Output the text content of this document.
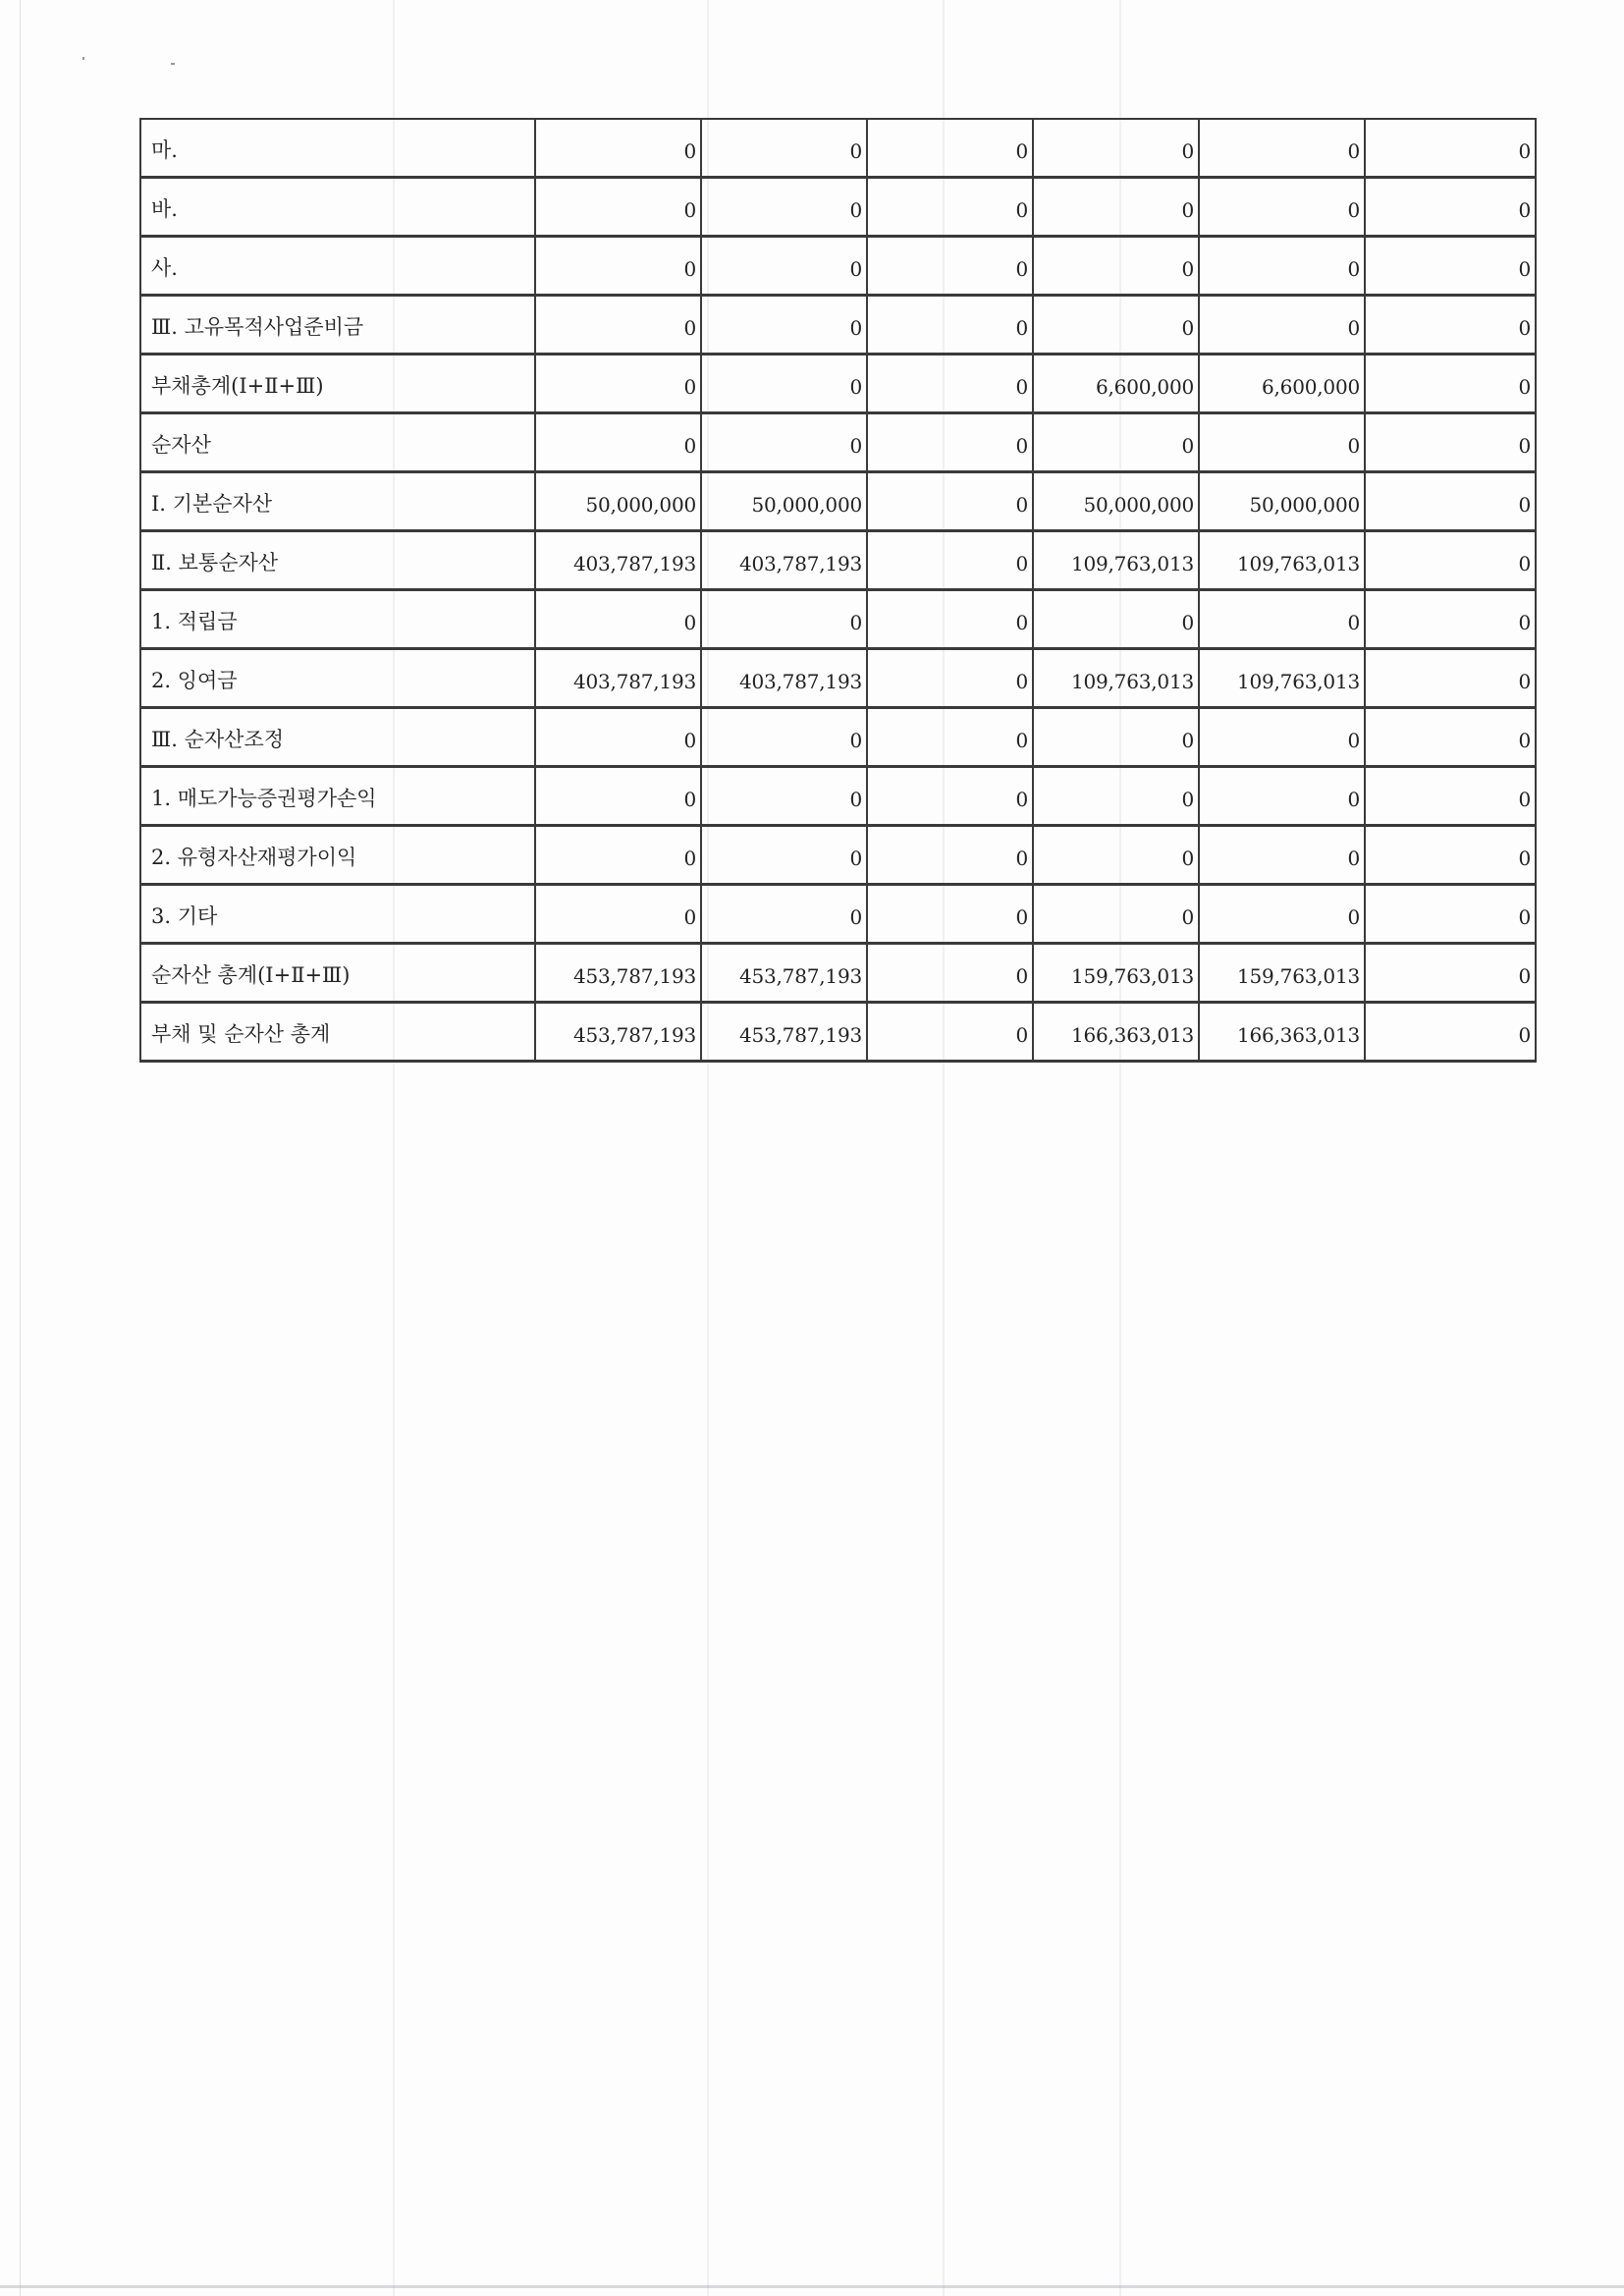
마.	0	0	0	0	0	0
바.	0	0	0	0	0	0
사.	0	0	0	0	0	0
Ⅲ. 고유목적사업준비금	0	0	0	0	0	0
부채총계(Ⅰ+Ⅱ+Ⅲ)	0	0	0	6,600,000	6,600,000	0
순자산	0	0	0	0	0	0
Ⅰ. 기본순자산	50,000,000	50,000,000	0	50,000,000	50,000,000	0
Ⅱ. 보통순자산	403,787,193	403,787,193	0	109,763,013	109,763,013	0
1. 적립금	0	0	0	0	0	0
2. 잉여금	403,787,193	403,787,193	0	109,763,013	109,763,013	0
Ⅲ. 순자산조정	0	0	0	0	0	0
1. 매도가능증권평가손익	0	0	0	0	0	0
2. 유형자산재평가이익	0	0	0	0	0	0
3. 기타	0	0	0	0	0	0
순자산 총계(Ⅰ+Ⅱ+Ⅲ)	453,787,193	453,787,193	0	159,763,013	159,763,013	0
부채 및 순자산 총계	453,787,193	453,787,193	0	166,363,013	166,363,013	0
